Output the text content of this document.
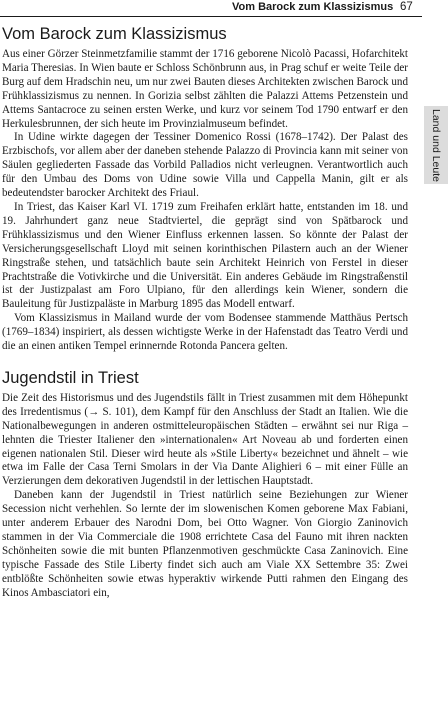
Vom Barock zum Klassizismus 67
Land und Leute
Vom Barock zum Klassizismus

Aus einer Görzer Steinmetzfamilie stammt der 1716 geborene Nicolò Pacassi, Hofarchitekt Maria Theresias. In Wien baute er Schloss Schönbrunn aus, in Prag schuf er weite Teile der Burg auf dem Hradschin neu, um nur zwei Bauten dieses Architekten zwischen Barock und Frühklassizismus zu nennen. In Gorizia selbst zählten die Palazzi Attems Petzenstein und Attems Santacroce zu seinen ersten Werke, und kurz vor seinem Tod 1790 entwarf er den Herkulesbrunnen, der sich heute im Provinzialmuseum befindet.

In Udine wirkte dagegen der Tessiner Domenico Rossi (1678–1742). Der Palast des Erzbischofs, vor allem aber der daneben stehende Palazzo di Provincia kann mit seiner von Säulen gegliederten Fassade das Vorbild Palladios nicht verleugnen. Verantwortlich auch für den Umbau des Doms von Udine sowie Villa und Cappella Manin, gilt er als bedeutendster barocker Architekt des Friaul.

In Triest, das Kaiser Karl VI. 1719 zum Freihafen erklärt hatte, entstanden im 18. und 19. Jahrhundert ganz neue Stadtviertel, die geprägt sind von Spätbarock und Frühklassizismus und den Wiener Einfluss erkennen lassen. So könnte der Palast der Versicherungsgesellschaft Lloyd mit seinen korinthischen Pilastern auch an der Wiener Ringstraße stehen, und tatsächlich baute sein Architekt Heinrich von Ferstel in dieser Prachtstraße die Votivkirche und die Universität. Ein anderes Gebäude im Ringstraßenstil ist der Justizpalast am Foro Ulpiano, für den allerdings kein Wiener, sondern die Bauleitung für Justizpaläste in Marburg 1895 das Modell entwarf.

Vom Klassizismus in Mailand wurde der vom Bodensee stammende Matthäus Pertsch (1769–1834) inspiriert, als dessen wichtigste Werke in der Hafenstadt das Teatro Verdi und die an einen antiken Tempel erinnernde Rotonda Pancera gelten.

Jugendstil in Triest

Die Zeit des Historismus und des Jugendstils fällt in Triest zusammen mit dem Höhepunkt des Irredentismus (→ S. 101), dem Kampf für den Anschluss der Stadt an Italien. Wie die Nationalbewegungen in anderen ostmitteleuropäischen Städten – erwähnt sei nur Riga – lehnten die Triester Italiener den »internationalen« Art Noveau ab und forderten einen eigenen nationalen Stil. Dieser wird heute als »Stile Liberty« bezeichnet und ähnelt – wie etwa im Falle der Casa Terni Smolars in der Via Dante Alighieri 6 – mit einer Fülle an Verzierungen dem dekorativen Jugendstil in der lettischen Hauptstadt.

Daneben kann der Jugendstil in Triest natürlich seine Beziehungen zur Wiener Secession nicht verhehlen. So lernte der im slowenischen Komen geborene Max Fabiani, unter anderem Erbauer des Narodni Dom, bei Otto Wagner. Von Giorgio Zaninovich stammen in der Via Commerciale die 1908 errichtete Casa del Fauno mit ihren nackten Schönheiten sowie die mit bunten Pflanzenmotiven geschmückte Casa Zaninovich. Eine typische Fassade des Stile Liberty findet sich auch am Viale XX Settembre 35: Zwei entblößte Schönheiten sowie etwas hyperaktiv wirkende Putti rahmen den Eingang des Kinos Ambasciatori ein,
